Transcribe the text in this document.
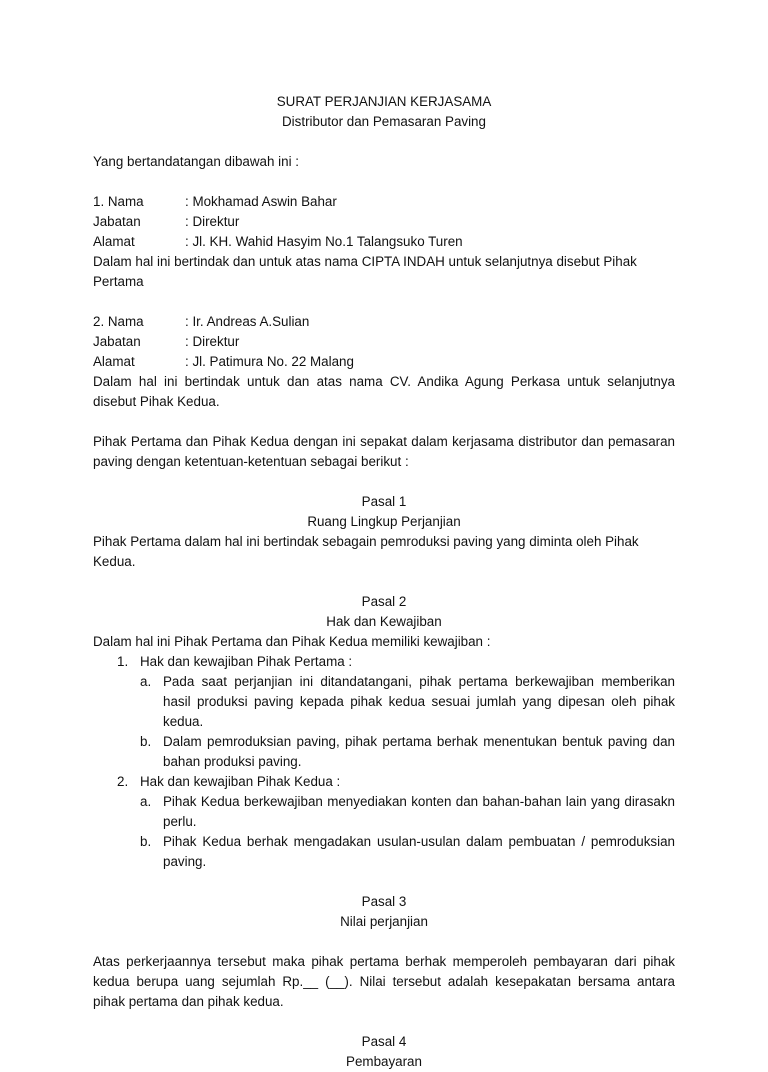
SURAT PERJANJIAN KERJASAMA
Distributor dan Pemasaran Paving
Yang bertandatangan dibawah ini :
1. Nama	: Mokhamad Aswin Bahar
Jabatan	: Direktur
Alamat	: Jl. KH. Wahid Hasyim No.1 Talangsuko Turen
Dalam hal ini bertindak dan untuk atas nama CIPTA INDAH untuk selanjutnya disebut Pihak Pertama
2. Nama	: Ir. Andreas A.Sulian
Jabatan	: Direktur
Alamat	: Jl. Patimura No. 22 Malang
Dalam hal ini bertindak untuk dan atas nama CV. Andika Agung Perkasa untuk selanjutnya disebut Pihak Kedua.
Pihak Pertama dan Pihak Kedua dengan ini sepakat dalam kerjasama distributor dan pemasaran paving dengan ketentuan-ketentuan sebagai berikut :
Pasal 1
Ruang Lingkup Perjanjian
Pihak Pertama dalam hal ini bertindak sebagain pemroduksi paving yang diminta oleh Pihak Kedua.
Pasal 2
Hak dan Kewajiban
Dalam hal ini Pihak Pertama dan Pihak Kedua memiliki kewajiban :
1. Hak dan kewajiban Pihak Pertama :
a. Pada saat perjanjian ini ditandatangani, pihak pertama berkewajiban memberikan hasil produksi paving kepada pihak kedua sesuai jumlah yang dipesan oleh pihak kedua.
b. Dalam pemroduksian paving, pihak pertama berhak menentukan bentuk paving dan bahan produksi paving.
2. Hak dan kewajiban Pihak Kedua :
a. Pihak Kedua berkewajiban menyediakan konten dan bahan-bahan lain yang dirasakn perlu.
b. Pihak Kedua berhak mengadakan usulan-usulan dalam pembuatan / pemroduksian paving.
Pasal 3
Nilai perjanjian
Atas perkerjaannya tersebut maka pihak pertama berhak memperoleh pembayaran dari pihak kedua berupa uang sejumlah Rp.__ (__). Nilai tersebut adalah kesepakatan bersama antara pihak pertama dan pihak kedua.
Pasal 4
Pembayaran
